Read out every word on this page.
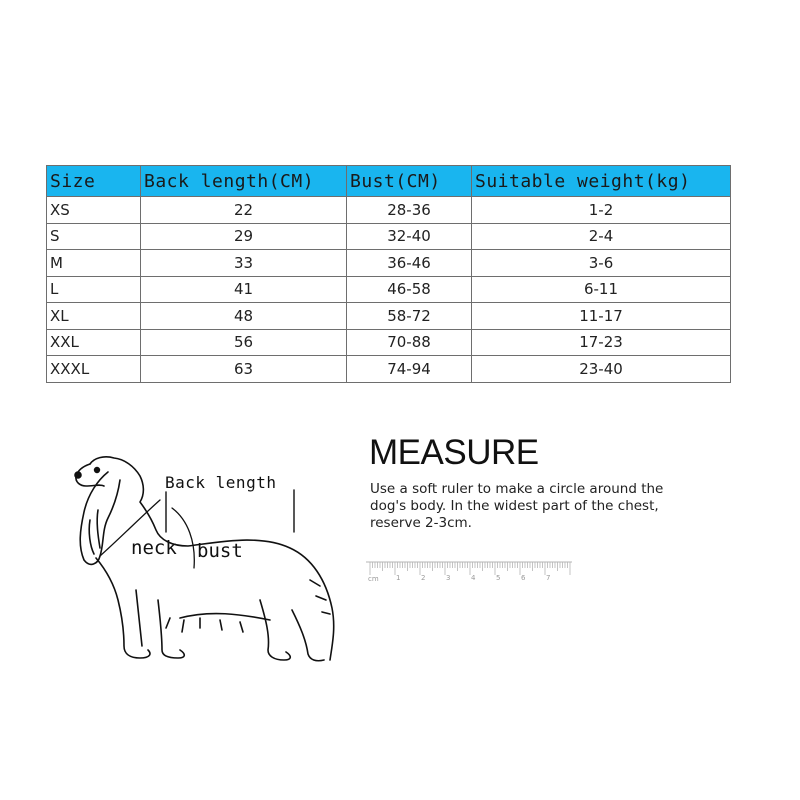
Size	Back length(CM)	Bust(CM)	Suitable weight(kg)
XS	22	28-36	1-2
S	29	32-40	2-4
M	33	36-46	3-6
L	41	46-58	6-11
XL	48	58-72	11-17
XXL	56	70-88	17-23
XXXL	63	74-94	23-40
Back length
neck bust
MEASURE
Use a soft ruler to make a circle around the
dog's body. In the widest part of the chest,
reserve 2-3cm.
cm 1	2	3	4	5	6	7
